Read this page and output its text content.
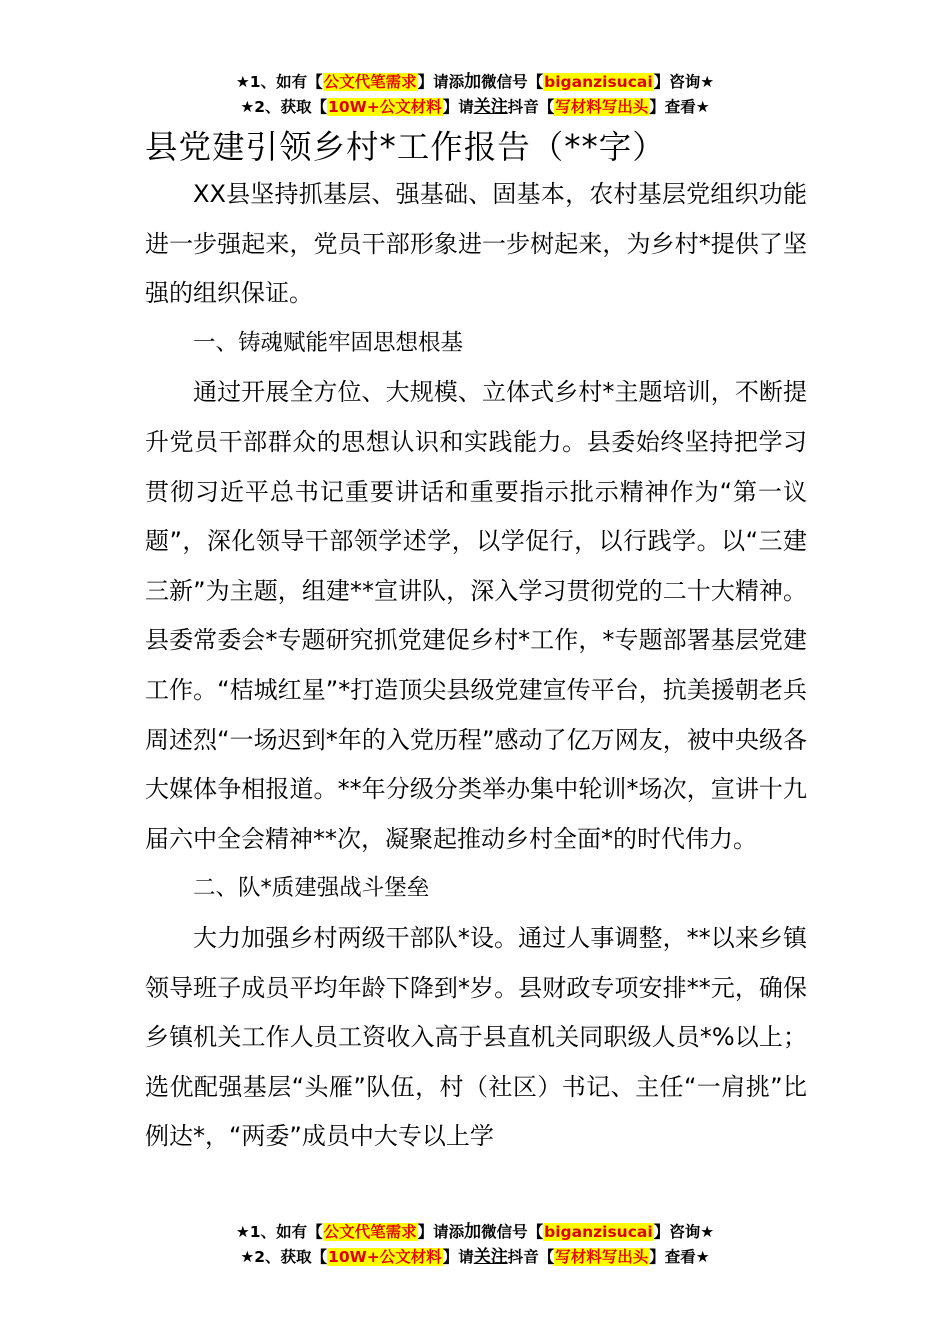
★1、如有【公文代笔需求】请添加微信号【biganzisucai】咨询★
★2、获取【10W+公文材料】请关注抖音【写材料写出头】查看★
县党建引领乡村*工作报告（**字）

XX县坚持抓基层、强基础、固基本，农村基层党组织功能进一步强起来，党员干部形象进一步树起来，为乡村*提供了坚强的组织保证。

一、铸魂赋能牢固思想根基

通过开展全方位、大规模、立体式乡村*主题培训，不断提升党员干部群众的思想认识和实践能力。县委始终坚持把学习贯彻习近平总书记重要讲话和重要指示批示精神作为“第一议题”，深化领导干部领学述学，以学促行，以行践学。以“三建三新”为主题，组建**宣讲队，深入学习贯彻党的二十大精神。县委常委会*专题研究抓党建促乡村*工作，*专题部署基层党建工作。“桔城红星”*打造顶尖县级党建宣传平台，抗美援朝老兵周述烈“一场迟到*年的入党历程”感动了亿万网友，被中央级各大媒体争相报道。**年分级分类举办集中轮训*场次，宣讲十九届六中全会精神**次，凝聚起推动乡村全面*的时代伟力。

二、队*质建强战斗堡垒

大力加强乡村两级干部队*设。通过人事调整，**以来乡镇领导班子成员平均年龄下降到*岁。县财政专项安排**元，确保乡镇机关工作人员工资收入高于县直机关同职级人员*%以上；选优配强基层“头雁”队伍，村（社区）书记、主任“一肩挑”比例达*，“两委”成员中大专以上学

★1、如有【公文代笔需求】请添加微信号【biganzisucai】咨询★
★2、获取【10W+公文材料】请关注抖音【写材料写出头】查看★
